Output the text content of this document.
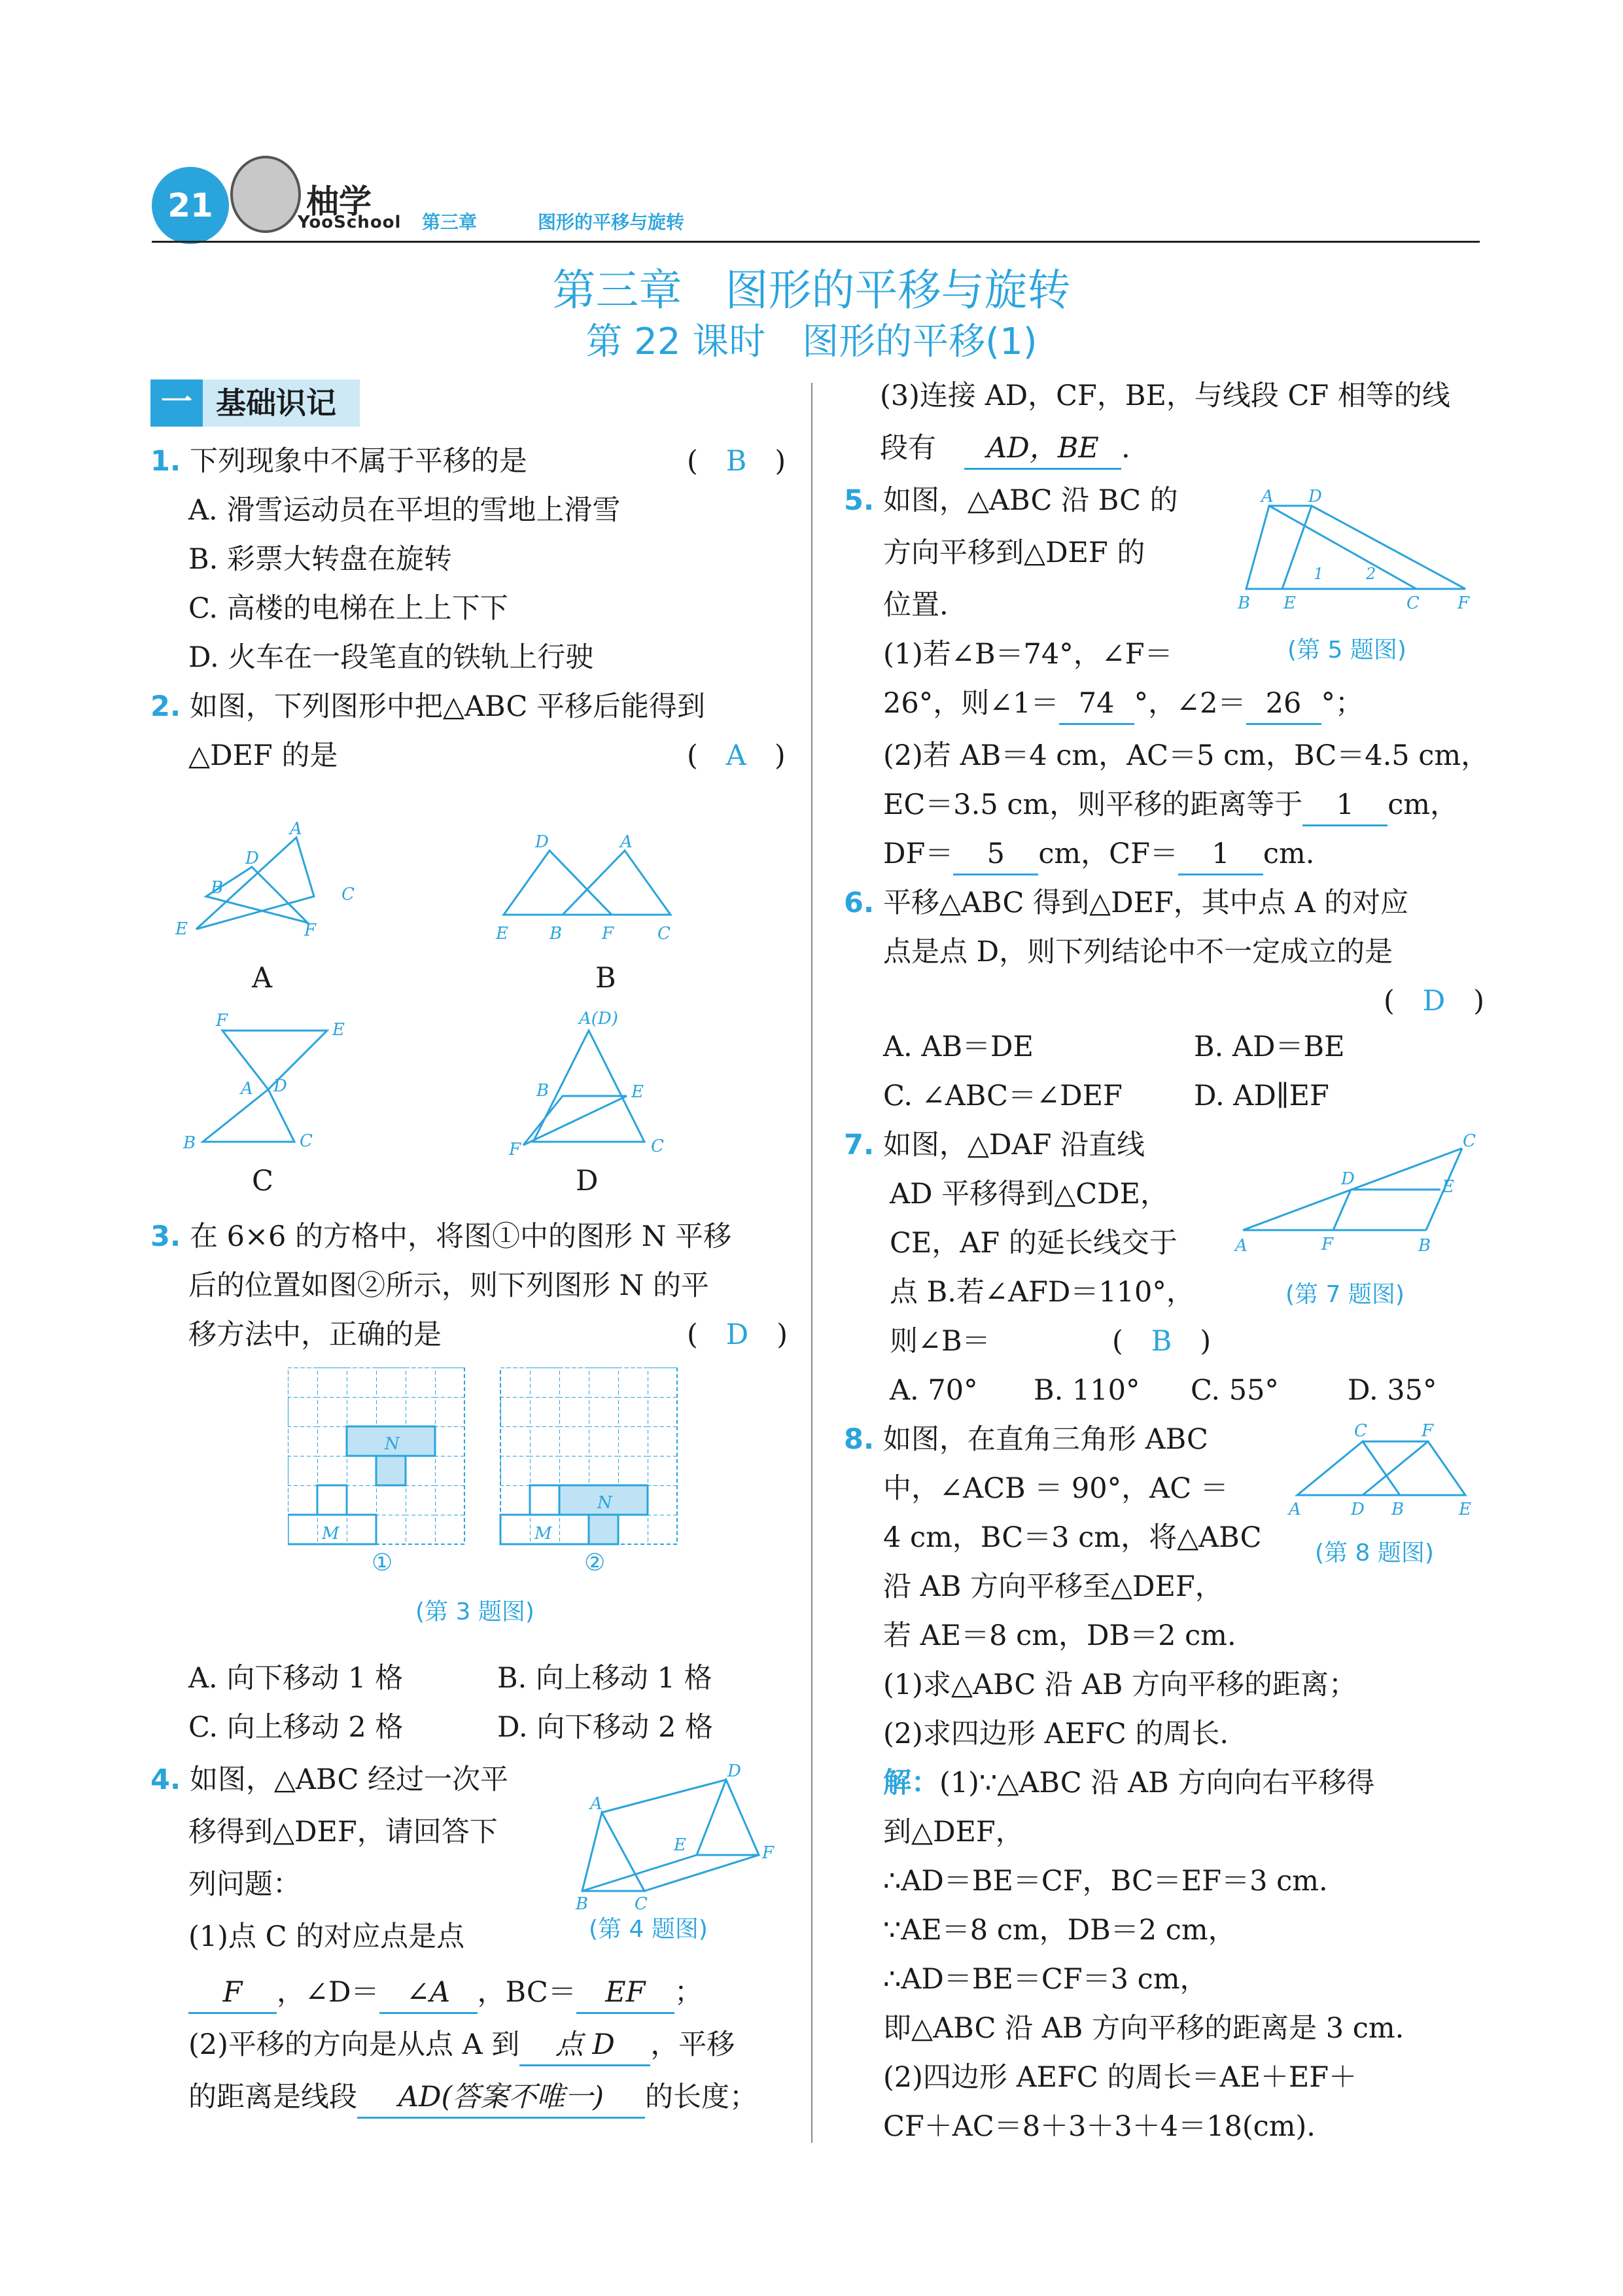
21	柚学
YooSchool 第三章	图形的平移与旋转
第三章　图形的平移与旋转
第 22 课时　图形的平移(1)
一 基础识记
1. 下列现象中不属于平移的是	(　B　)
A. 滑雪运动员在平坦的雪地上滑雪
B. 彩票大转盘在旋转
C. 高楼的电梯在上上下下
D. 火车在一段笔直的铁轨上行驶
2. 如图，下列图形中把△ABC 平移后能得到
△DEF 的是	(　A　)
A
D
B	C
E	F
A
D	A
E B F	C
B
F	E
A D
B	C
C
A(D)
B	E
F	C
D
3. 在 6×6 的方格中，将图①中的图形 N 平移
后的位置如图②所示，则下列图形 N 的平
移方法中，正确的是	(　D　)
N
M
N
M
①	②
(第 3 题图)
A. 向下移动 1 格	B. 向上移动 1 格
C. 向上移动 2 格	D. 向下移动 2 格
4. 如图，△ABC 经过一次平
移得到△DEF，请回答下
列问题：
A
D
E	F
B	C
(第 4 题图)
(1)点 C 的对应点是点
F ，∠D＝ ∠A ，BC＝ EF ；
(2)平移的方向是从点 A 到 点 D ，平移
的距离是线段 AD(答案不唯一) 的长度；
(3)连接 AD，CF，BE，与线段 CF 相等的线
段有　 AD，BE .
5. 如图，△ABC 沿 BC 的
方向平移到△DEF 的
位置.
A D
1	2
B E	C F
(第 5 题图)
(1)若∠B＝74°，∠F＝
26°，则∠1＝ 74 °，∠2＝ 26 °；
(2)若 AB＝4 cm，AC＝5 cm，BC＝4.5 cm，
EC＝3.5 cm，则平移的距离等于 1 cm，
DF＝ 5 cm，CF＝ 1 cm.
6. 平移△ABC 得到△DEF，其中点 A 的对应
点是点 D，则下列结论中不一定成立的是
(　D　)
A. AB＝DE	B. AD＝BE
C. ∠ABC＝∠DEF	D. AD∥EF
7. 如图，△DAF 沿直线
AD 平移得到△CDE，
CE，AF 的延长线交于
点 B.若∠AFD＝110°，
则∠B＝	(　B　)
C
D	E
A	F	B
(第 7 题图)
A. 70° B. 110° C. 55° D. 35°
8. 如图，在直角三角形 ABC
中，∠ACB ＝ 90°，AC ＝
4 cm，BC＝3 cm，将△ABC
沿 AB 方向平移至△DEF，
若 AE＝8 cm，DB＝2 cm.
C	F
A	D B	E
(第 8 题图)
(1)求△ABC 沿 AB 方向平移的距离；
(2)求四边形 AEFC 的周长.
解：(1)∵△ABC 沿 AB 方向向右平移得
到△DEF，
∴AD＝BE＝CF，BC＝EF＝3 cm.
∵AE＝8 cm，DB＝2 cm，
∴AD＝BE＝CF＝3 cm，
即△ABC 沿 AB 方向平移的距离是 3 cm.
(2)四边形 AEFC 的周长＝AE＋EF＋
CF＋AC＝8＋3＋3＋4＝18(cm).
